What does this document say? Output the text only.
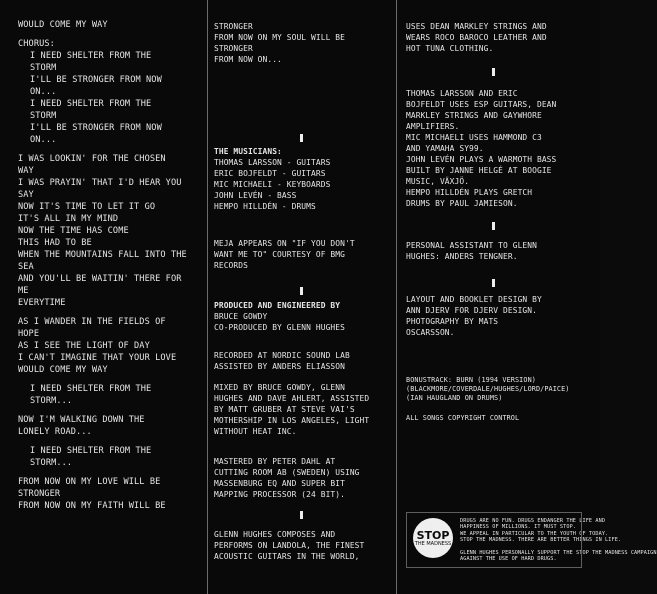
WOULD COME MY WAY
CHORUS:
I NEED SHELTER FROM THE
STORM
I'LL BE STRONGER FROM NOW
ON...
I NEED SHELTER FROM THE
STORM
I'LL BE STRONGER FROM NOW
ON...
I WAS LOOKIN' FOR THE CHOSEN
WAY
I WAS PRAYIN' THAT I'D HEAR YOU
SAY
NOW IT'S TIME TO LET IT GO
IT'S ALL IN MY MIND
NOW THE TIME HAS COME
THIS HAD TO BE
WHEN THE MOUNTAINS FALL INTO THE
SEA
AND YOU'LL BE WAITIN' THERE FOR
ME
EVERYTIME
AS I WANDER IN THE FIELDS OF
HOPE
AS I SEE THE LIGHT OF DAY
I CAN'T IMAGINE THAT YOUR LOVE
WOULD COME MY WAY
I NEED SHELTER FROM THE
STORM...
NOW I'M WALKING DOWN THE
LONELY ROAD...
I NEED SHELTER FROM THE
STORM...
FROM NOW ON MY LOVE WILL BE
STRONGER
FROM NOW ON MY FAITH WILL BE
STRONGER
FROM NOW ON MY SOUL WILL BE
STRONGER
FROM NOW ON...
THE MUSICIANS:
THOMAS LARSSON - GUITARS
ERIC BOJFELDT - GUITARS
MIC MICHAELI - KEYBOARDS
JOHN LEVÉN - BASS
HEMPO HILLDÉN - DRUMS
MEJA APPEARS ON "IF YOU DON'T
WANT ME TO" COURTESY OF BMG
RECORDS
PRODUCED AND ENGINEERED BY
BRUCE GOWDY
CO-PRODUCED BY GLENN HUGHES
RECORDED AT NORDIC SOUND LAB
ASSISTED BY ANDERS ELIASSON
MIXED BY BRUCE GOWDY, GLENN
HUGHES AND DAVE AHLERT, ASSISTED
BY MATT GRUBER AT STEVE VAI'S
MOTHERSHIP IN LOS ANGELES, LIGHT
WITHOUT HEAT INC.
MASTERED BY PETER DAHL AT
CUTTING ROOM AB (SWEDEN) USING
MASSENBURG EQ AND SUPER BIT
MAPPING PROCESSOR (24 BIT).
GLENN HUGHES COMPOSES AND
PERFORMS ON LANDOLA, THE FINEST
ACOUSTIC GUITARS IN THE WORLD,
USES DEAN MARKLEY STRINGS AND
WEARS ROCO BAROCO LEATHER AND
HOT TUNA CLOTHING.
THOMAS LARSSON AND ERIC
BOJFELDT USES ESP GUITARS, DEAN
MARKLEY STRINGS AND GAYWHORE
AMPLIFIERS.
MIC MICHAELI USES HAMMOND C3
AND YAMAHA SY99.
JOHN LEVÉN PLAYS A WARMOTH BASS
BUILT BY JANNE HELGÉ AT BOOGIE
MUSIC, VÄXJÖ.
HEMPO HILLDÉN PLAYS GRETCH
DRUMS BY PAUL JAMIESON.
PERSONAL ASSISTANT TO GLENN
HUGHES: ANDERS TENGNER.
LAYOUT AND BOOKLET DESIGN BY
ANN DJERV FOR DJERV DESIGN.
PHOTOGRAPHY BY MATS
OSCARSSON.
BONUSTRACK: BURN (1994 VERSION)
(BLACKMORE/COVERDALE/HUGHES/LORD/PAICE)
(IAN HAUGLAND ON DRUMS)
ALL SONGS COPYRIGHT CONTROL
DRUGS ARE NO FUN. DRUGS ENDANGER THE LIFE AND
HAPPINESS OF MILLIONS. IT MUST STOP.
WE APPEAL IN PARTICULAR TO THE YOUTH OF TODAY.
STOP THE MADNESS. THERE ARE BETTER THINGS IN LIFE.
GLENN HUGHES PERSONALLY SUPPORT THE STOP THE MADNESS CAMPAIGN
AGAINST THE USE OF HARD DRUGS.
STOP
THE MADNESS
